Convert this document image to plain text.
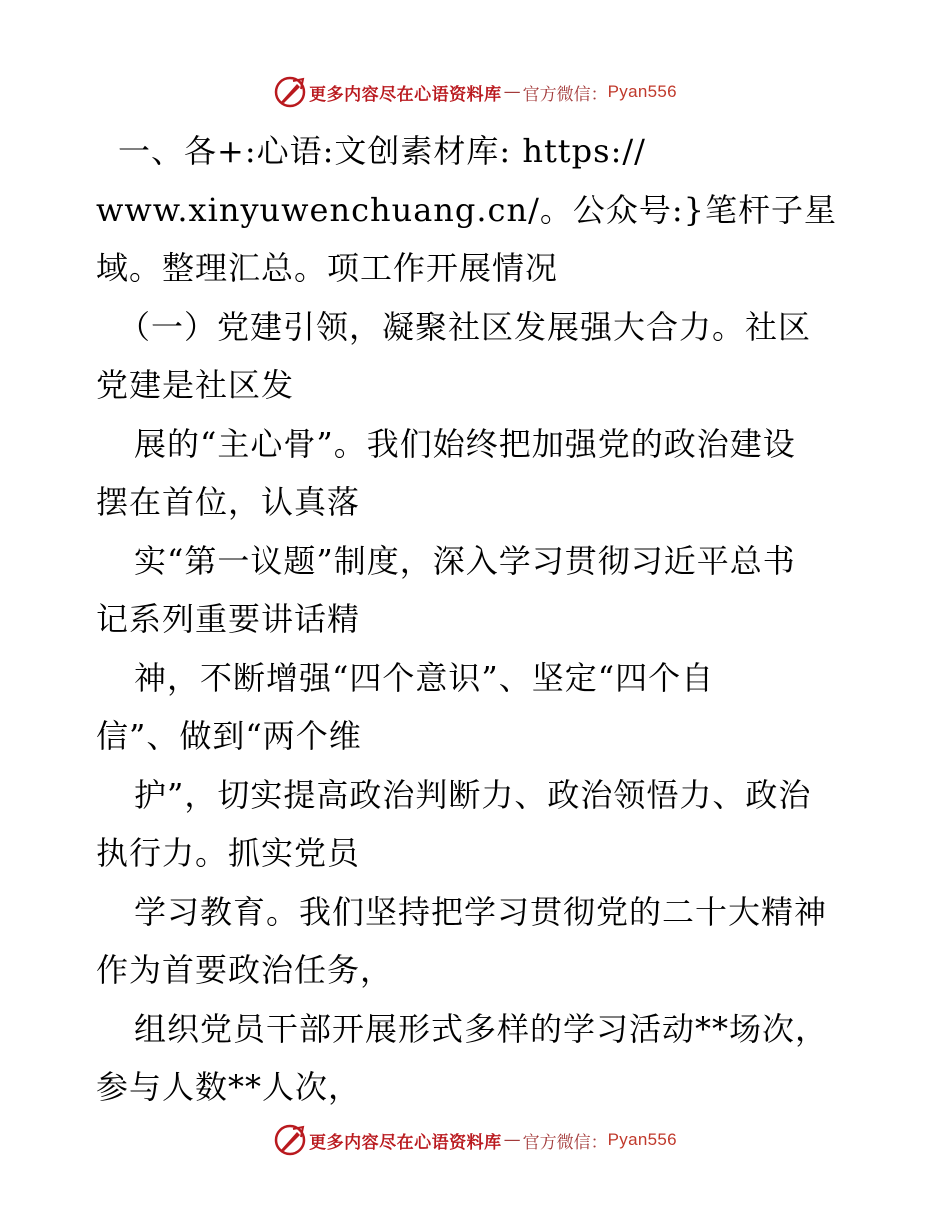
更多内容尽在心语资料库 — 官方微信： Pyan556
一、各+:心语:文创素材库: https://
www.xinyuwenchuang.cn/。公众号:}笔杆子星
域。整理汇总。项工作开展情况
（一）党建引领，凝聚社区发展强大合力。社区
党建是社区发
展的“主心骨”。我们始终把加强党的政治建设
摆在首位，认真落
实“第一议题”制度，深入学习贯彻习近平总书
记系列重要讲话精
神，不断增强“四个意识”、坚定“四个自
信”、做到“两个维
护”，切实提高政治判断力、政治领悟力、政治
执行力。抓实党员
学习教育。我们坚持把学习贯彻党的二十大精神
作为首要政治任务，
组织党员干部开展形式多样的学习活动**场次，
参与人数**人次，
更多内容尽在心语资料库 — 官方微信： Pyan556
